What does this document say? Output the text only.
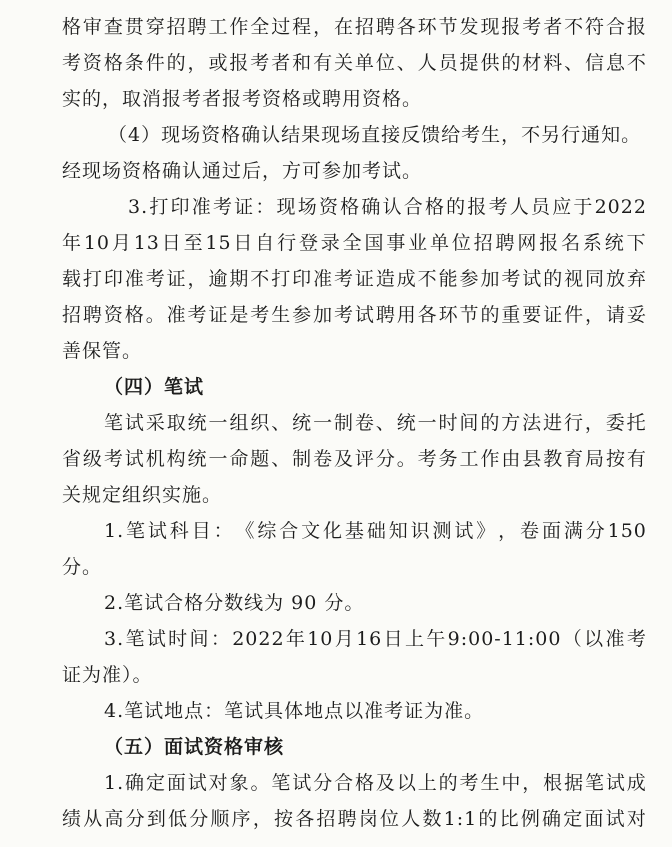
格 审 查 贯 穿 招 聘 工 作 全 过 程 ， 在 招 聘 各 环 节 发 现 报 考 者 不 符 合 报
考 资 格 条 件 的 ， 或 报 考 者 和 有 关 单 位 、 人 员 提 供 的 材 料 、 信 息 不
实的，取消报考者报考资格或聘用资格。
（4）现场资格确认结果现场直接反馈给考生，不另行通知。
经现场资格确认通过后，方可参加考试。
3. 打 印 准 考 证 ： 现 场 资 格 确 认 合 格 的 报 考 人 员 应 于 2022
年 10 月 13 日 至 15 日 自 行 登 录 全 国 事 业 单 位 招 聘 网 报 名 系 统 下
载 打 印 准 考 证 ， 逾 期 不 打 印 准 考 证 造 成 不 能 参 加 考 试 的 视 同 放 弃
招 聘 资 格 。 准 考 证 是 考 生 参 加 考 试 聘 用 各 环 节 的 重 要 证 件 ， 请 妥
善保管。
（四）笔试
笔 试 采 取 统 一 组 织 、 统 一 制 卷 、 统 一 时 间 的 方 法 进 行 ， 委 托
省 级 考 试 机 构 统 一 命 题 、 制 卷 及 评 分 。 考 务 工 作 由 县 教 育 局 按 有
关规定组织实施。
1. 笔 试 科 目 ： 《 综 合 文 化 基 础 知 识 测 试 》 ， 卷 面 满 分 150
分。
2.笔试合格分数线为 90 分。
3. 笔 试 时 间 ： 2022 年 10 月 16 日 上 午 9:00-11:00 （ 以 准 考
证为准）。
4.笔试地点：笔试具体地点以准考证为准。
（五）面试资格审核
1. 确 定 面 试 对 象 。 笔 试 分 合 格 及 以 上 的 考 生 中 ， 根 据 笔 试 成
绩 从 高 分 到 低 分 顺 序 ， 按 各 招 聘 岗 位 人 数 1:1 的 比 例 确 定 面 试 对
